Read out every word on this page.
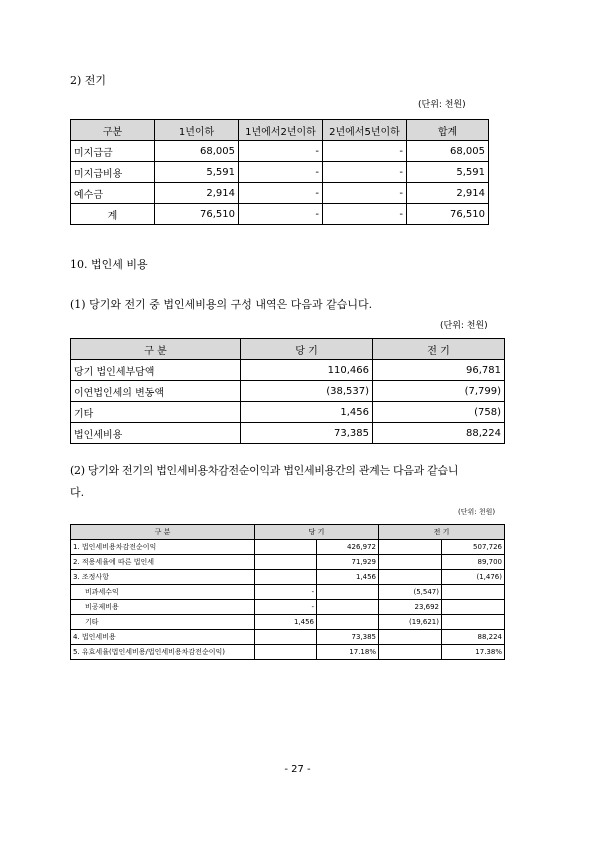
2) 전기
(단위: 천원)
구분	1년이하	1년에서2년이하	2년에서5년이하	합계
미지급금	68,005	-	-	68,005
미지급비용	5,591	-	-	5,591
예수금	2,914	-	-	2,914
계	76,510	-	-	76,510
10. 법인세 비용
(1) 당기와 전기 중 법인세비용의 구성 내역은 다음과 같습니다.
(단위: 천원)
구 분	당 기	전 기
당기 법인세부담액	110,466	96,781
이연법인세의 변동액	(38,537)	(7,799)
기타	1,456	(758)
법인세비용	73,385	88,224
(2) 당기와 전기의 법인세비용차감전순이익과 법인세비용간의 관계는 다음과 같습니
다.
(단위: 천원)
구 분	당 기		전 기	
1. 법인세비용차감전순이익		426,972		507,726
2. 적용세율에 따른 법인세		71,929		89,700
3. 조정사항		1,456		(1,476)
비과세수익	-		(5,547)	
비공제비용	-		23,692	
기타	1,456		(19,621)	
4. 법인세비용		73,385		88,224
5. 유효세율(법인세비용/법인세비용차감전순이익)		17.18%		17.38%
- 27 -
